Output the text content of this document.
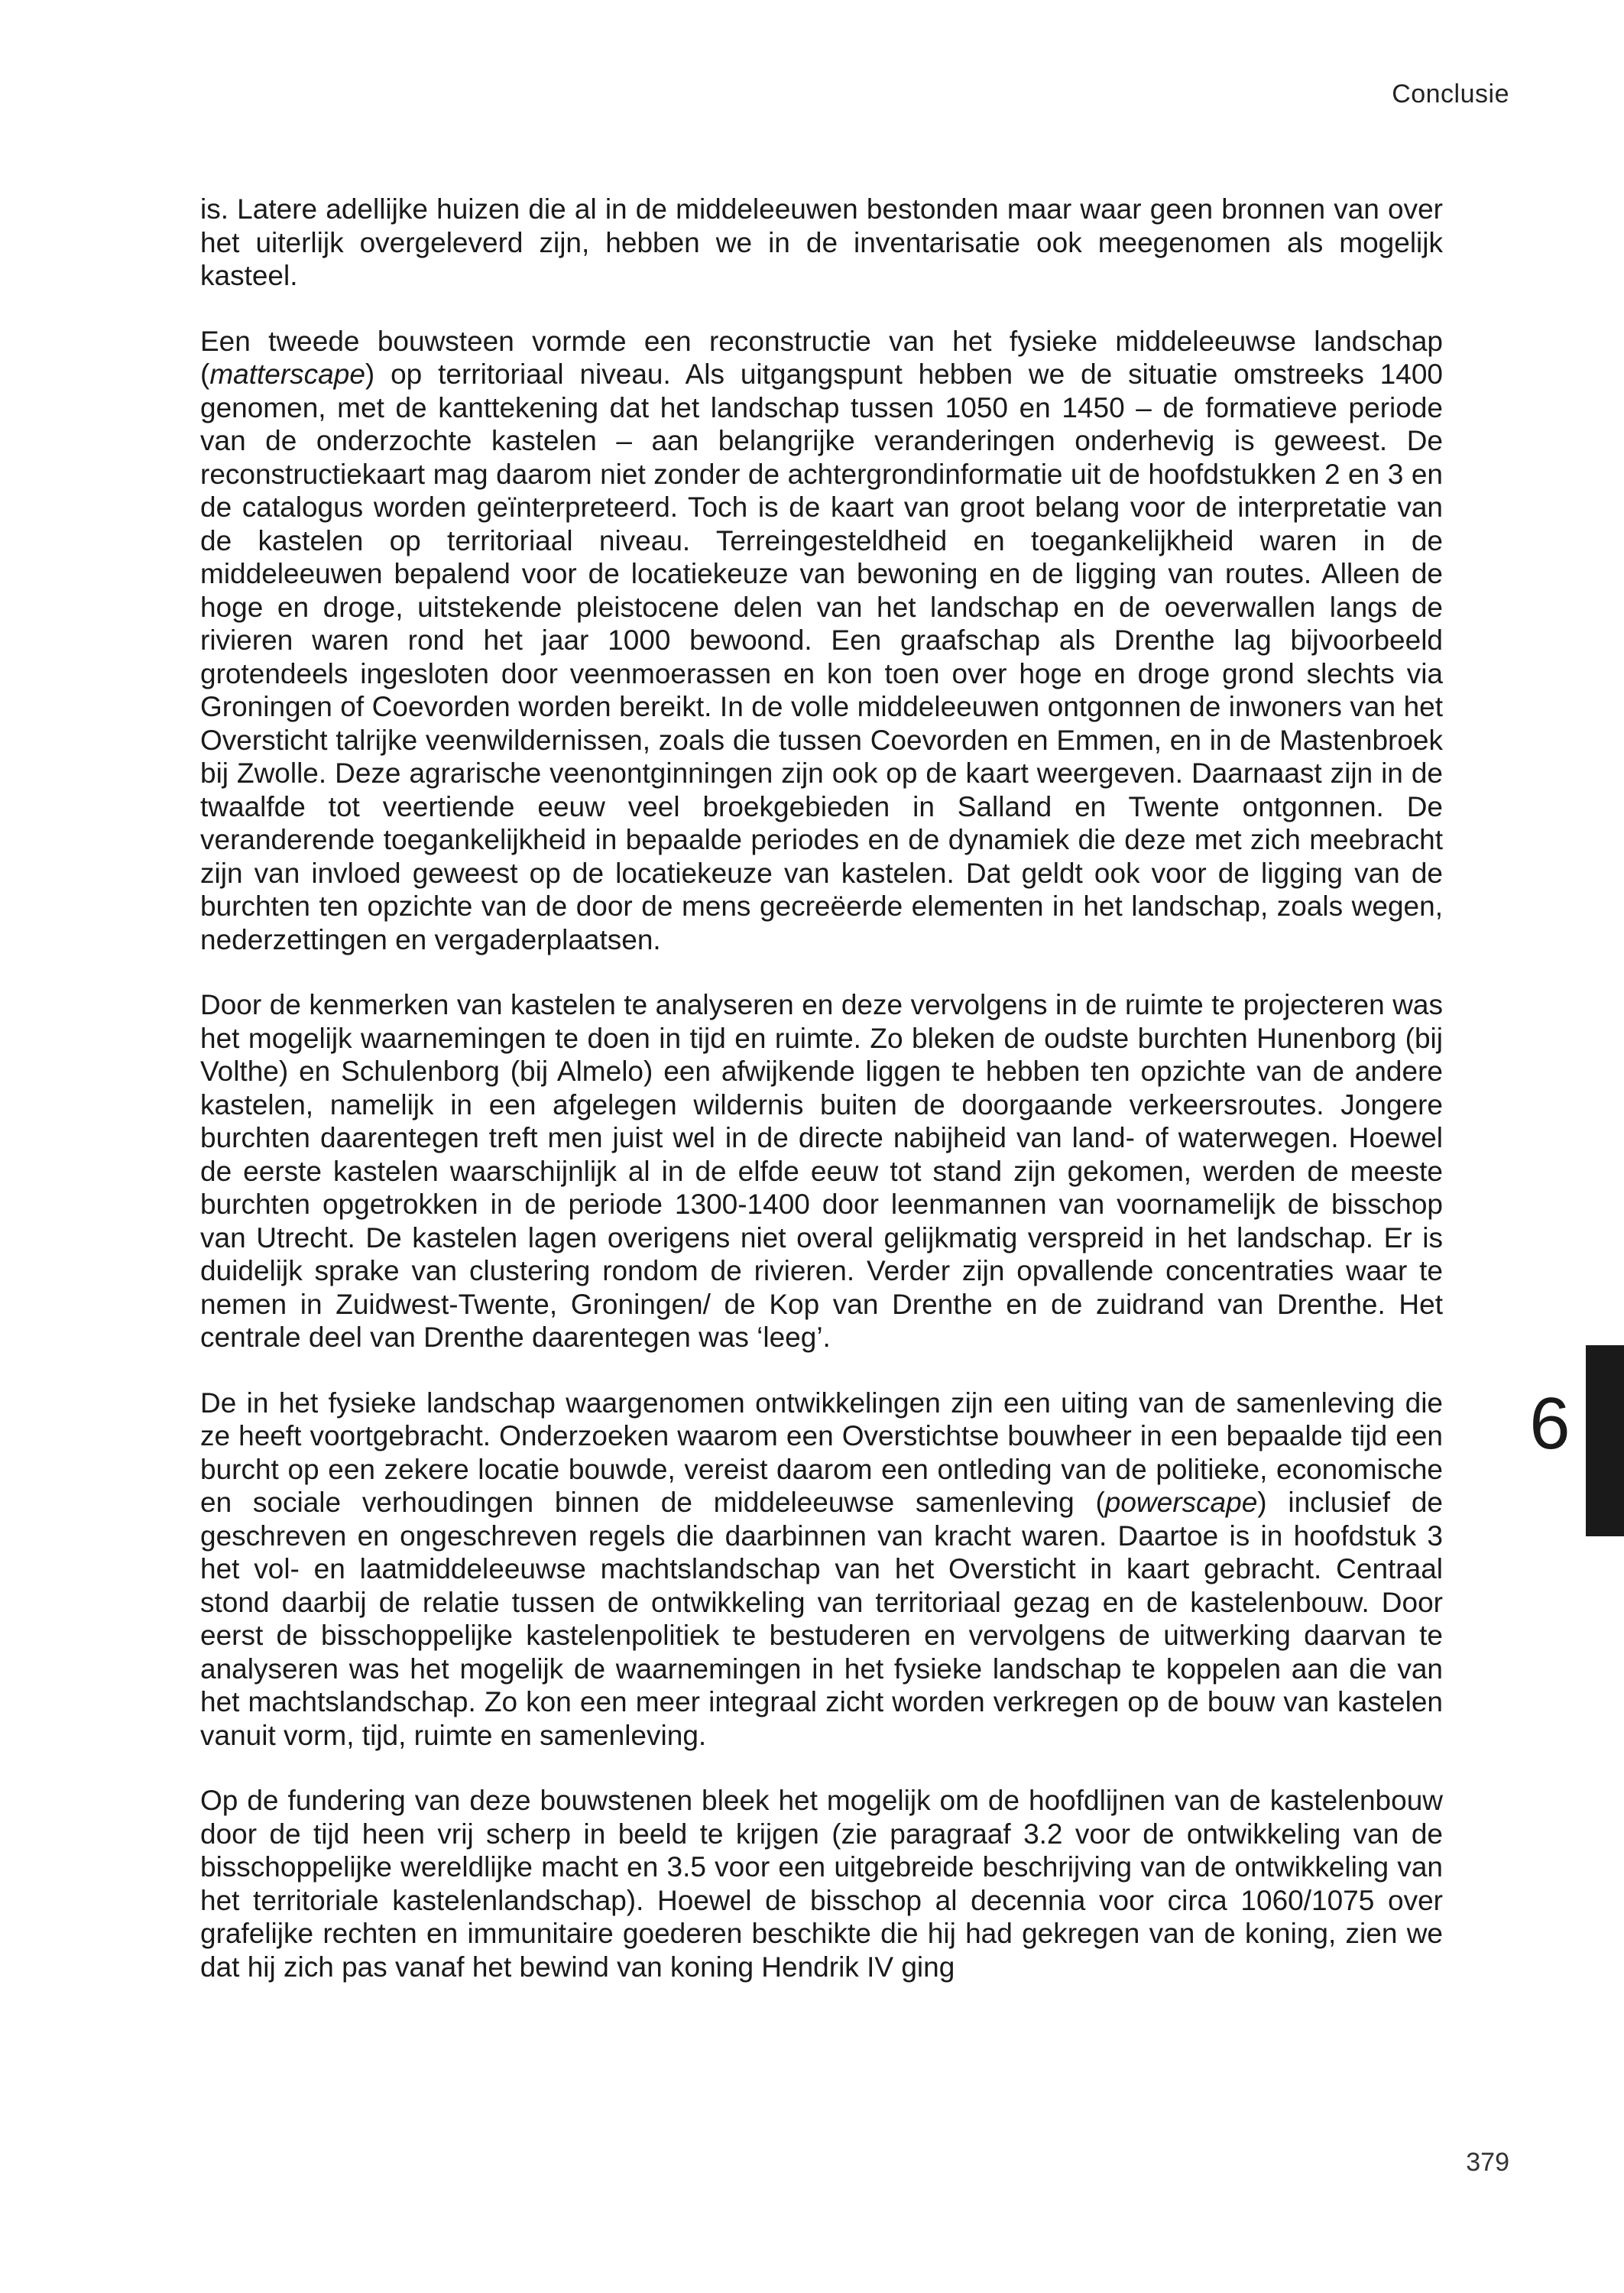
Conclusie

is. Latere adellijke huizen die al in de middeleeuwen bestonden maar waar geen bronnen van over het uiterlijk overgeleverd zijn, hebben we in de inventarisatie ook meegenomen als mogelijk kasteel.

Een tweede bouwsteen vormde een reconstructie van het fysieke middeleeuwse landschap (matterscape) op territoriaal niveau. Als uitgangspunt hebben we de situatie omstreeks 1400 genomen, met de kanttekening dat het landschap tussen 1050 en 1450 – de formatieve periode van de onderzochte kastelen – aan belangrijke veranderingen onderhevig is geweest. De reconstructiekaart mag daarom niet zonder de achtergrondinformatie uit de hoofdstukken 2 en 3 en de catalogus worden geïnterpreteerd. Toch is de kaart van groot belang voor de interpretatie van de kastelen op territoriaal niveau. Terreingesteldheid en toegankelijkheid waren in de middeleeuwen bepalend voor de locatiekeuze van bewoning en de ligging van routes. Alleen de hoge en droge, uitstekende pleistocene delen van het landschap en de oeverwallen langs de rivieren waren rond het jaar 1000 bewoond. Een graafschap als Drenthe lag bijvoorbeeld grotendeels ingesloten door veenmoerassen en kon toen over hoge en droge grond slechts via Groningen of Coevorden worden bereikt. In de volle middeleeuwen ontgonnen de inwoners van het Oversticht talrijke veenwildernissen, zoals die tussen Coevorden en Emmen, en in de Mastenbroek bij Zwolle. Deze agrarische veenontginningen zijn ook op de kaart weergeven. Daarnaast zijn in de twaalfde tot veertiende eeuw veel broekgebieden in Salland en Twente ontgonnen. De veranderende toegankelijkheid in bepaalde periodes en de dynamiek die deze met zich meebracht zijn van invloed geweest op de locatiekeuze van kastelen. Dat geldt ook voor de ligging van de burchten ten opzichte van de door de mens gecreëerde elementen in het landschap, zoals wegen, nederzettingen en vergaderplaatsen.

Door de kenmerken van kastelen te analyseren en deze vervolgens in de ruimte te projecteren was het mogelijk waarnemingen te doen in tijd en ruimte. Zo bleken de oudste burchten Hunenborg (bij Volthe) en Schulenborg (bij Almelo) een afwijkende liggen te hebben ten opzichte van de andere kastelen, namelijk in een afgelegen wildernis buiten de doorgaande verkeersroutes. Jongere burchten daarentegen treft men juist wel in de directe nabijheid van land- of waterwegen. Hoewel de eerste kastelen waarschijnlijk al in de elfde eeuw tot stand zijn gekomen, werden de meeste burchten opgetrokken in de periode 1300-1400 door leenmannen van voornamelijk de bisschop van Utrecht. De kastelen lagen overigens niet overal gelijkmatig verspreid in het landschap. Er is duidelijk sprake van clustering rondom de rivieren. Verder zijn opvallende concentraties waar te nemen in Zuidwest-Twente, Groningen/ de Kop van Drenthe en de zuidrand van Drenthe. Het centrale deel van Drenthe daarentegen was ‘leeg’.

De in het fysieke landschap waargenomen ontwikkelingen zijn een uiting van de samenleving die ze heeft voortgebracht. Onderzoeken waarom een Overstichtse bouwheer in een bepaalde tijd een burcht op een zekere locatie bouwde, vereist daarom een ontleding van de politieke, economische en sociale verhoudingen binnen de middeleeuwse samenleving (powerscape) inclusief de geschreven en ongeschreven regels die daarbinnen van kracht waren. Daartoe is in hoofdstuk 3 het vol- en laatmiddeleeuwse machtslandschap van het Oversticht in kaart gebracht. Centraal stond daarbij de relatie tussen de ontwikkeling van territoriaal gezag en de kastelenbouw. Door eerst de bisschoppelijke kastelenpolitiek te bestuderen en vervolgens de uitwerking daarvan te analyseren was het mogelijk de waarnemingen in het fysieke landschap te koppelen aan die van het machtslandschap. Zo kon een meer integraal zicht worden verkregen op de bouw van kastelen vanuit vorm, tijd, ruimte en samenleving.

Op de fundering van deze bouwstenen bleek het mogelijk om de hoofdlijnen van de kastelenbouw door de tijd heen vrij scherp in beeld te krijgen (zie paragraaf 3.2 voor de ontwikkeling van de bisschoppelijke wereldlijke macht en 3.5 voor een uitgebreide beschrijving van de ontwikkeling van het territoriale kastelenlandschap). Hoewel de bisschop al decennia voor circa 1060/1075 over grafelijke rechten en immunitaire goederen beschikte die hij had gekregen van de koning, zien we dat hij zich pas vanaf het bewind van koning Hendrik IV ging

6
379
